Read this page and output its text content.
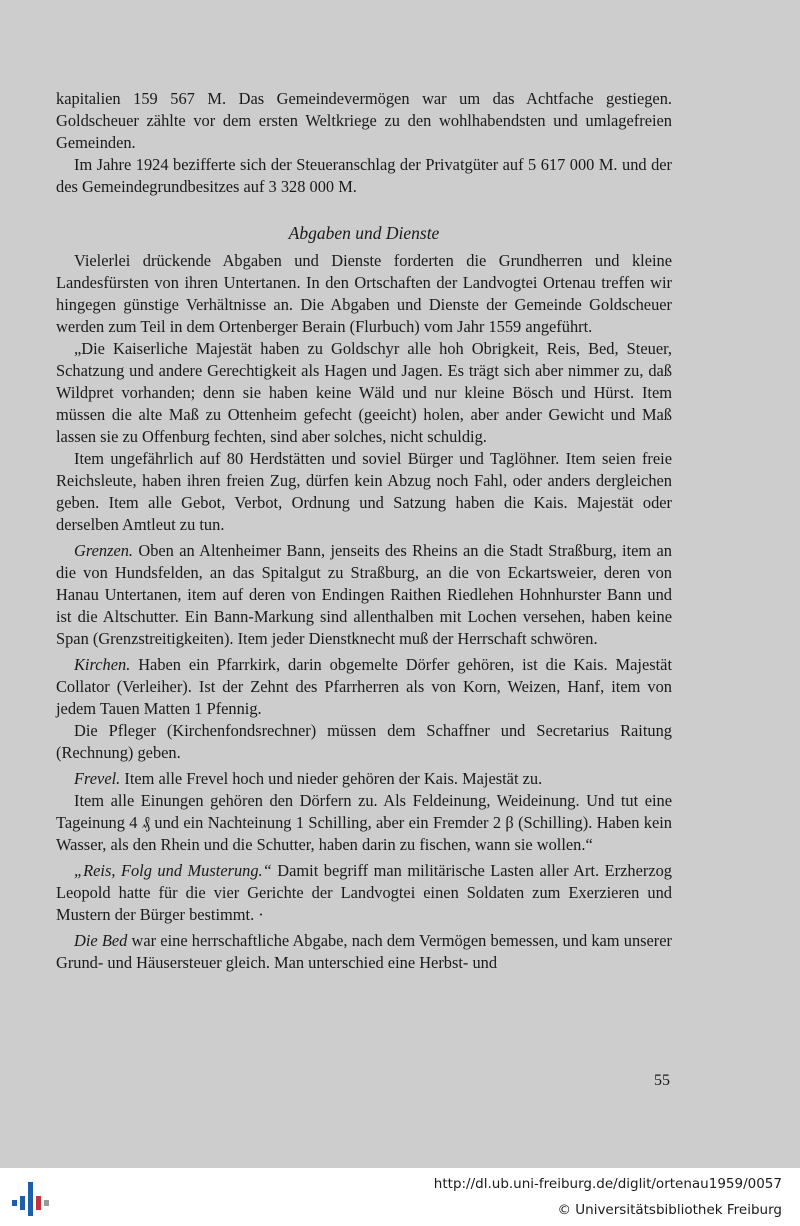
kapitalien 159 567 M. Das Gemeindevermögen war um das Achtfache gestiegen. Goldscheuer zählte vor dem ersten Weltkriege zu den wohlhabendsten und umlagefreien Gemeinden.

Im Jahre 1924 bezifferte sich der Steueranschlag der Privatgüter auf 5 617 000 M. und der des Gemeindegrundbesitzes auf 3 328 000 M.

Abgaben und Dienste

Vielerlei drückende Abgaben und Dienste forderten die Grundherren und kleine Landesfürsten von ihren Untertanen. In den Ortschaften der Landvogtei Ortenau treffen wir hingegen günstige Verhältnisse an. Die Abgaben und Dienste der Gemeinde Goldscheuer werden zum Teil in dem Ortenberger Berain (Flurbuch) vom Jahr 1559 angeführt.

„Die Kaiserliche Majestät haben zu Goldschyr alle hoh Obrigkeit, Reis, Bed, Steuer, Schatzung und andere Gerechtigkeit als Hagen und Jagen. Es trägt sich aber nimmer zu, daß Wildpret vorhanden; denn sie haben keine Wäld und nur kleine Bösch und Hürst. Item müssen die alte Maß zu Ottenheim gefecht (geeicht) holen, aber ander Gewicht und Maß lassen sie zu Offenburg fechten, sind aber solches, nicht schuldig.

Item ungefährlich auf 80 Herdstätten und soviel Bürger und Taglöhner. Item seien freie Reichsleute, haben ihren freien Zug, dürfen kein Abzug noch Fahl, oder anders dergleichen geben. Item alle Gebot, Verbot, Ordnung und Satzung haben die Kais. Majestät oder derselben Amtleut zu tun.

Grenzen. Oben an Altenheimer Bann, jenseits des Rheins an die Stadt Straßburg, item an die von Hundsfelden, an das Spitalgut zu Straßburg, an die von Eckartsweier, deren von Hanau Untertanen, item auf deren von Endingen Raithen Riedlehen Hohnhurster Bann und ist die Altschutter. Ein Bann-Markung sind allenthalben mit Lochen versehen, haben keine Span (Grenzstreitigkeiten). Item jeder Dienstknecht muß der Herrschaft schwören.

Kirchen. Haben ein Pfarrkirk, darin obgemelte Dörfer gehören, ist die Kais. Majestät Collator (Verleiher). Ist der Zehnt des Pfarrherren als von Korn, Weizen, Hanf, item von jedem Tauen Matten 1 Pfennig.

Die Pfleger (Kirchenfondsrechner) müssen dem Schaffner und Secretarius Raitung (Rechnung) geben.

Frevel. Item alle Frevel hoch und nieder gehören der Kais. Majestät zu.

Item alle Einungen gehören den Dörfern zu. Als Feldeinung, Weideinung. Und tut eine Tageinung 4 ₰ und ein Nachteinung 1 Schilling, aber ein Fremder 2 β (Schilling). Haben kein Wasser, als den Rhein und die Schutter, haben darin zu fischen, wann sie wollen.“

„Reis, Folg und Musterung.“ Damit begriff man militärische Lasten aller Art. Erzherzog Leopold hatte für die vier Gerichte der Landvogtei einen Soldaten zum Exerzieren und Mustern der Bürger bestimmt. ·

Die Bed war eine herrschaftliche Abgabe, nach dem Vermögen bemessen, und kam unserer Grund- und Häusersteuer gleich. Man unterschied eine Herbst- und

55
http://dl.ub.uni-freiburg.de/diglit/ortenau1959/0057
© Universitätsbibliothek Freiburg
